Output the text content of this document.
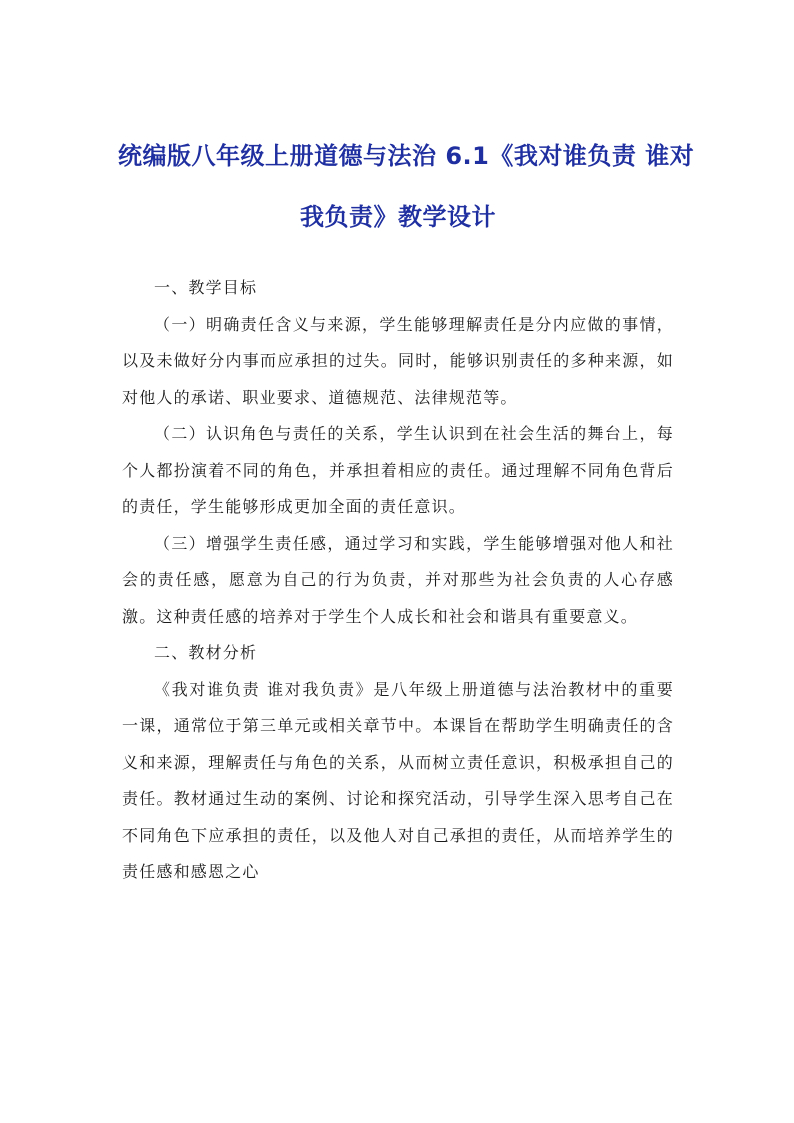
统编版八年级上册道德与法治 6.1《我对谁负责 谁对
我负责》教学设计

一、教学目标

（一）明确责任含义与来源，学生能够理解责任是分内应做的事情，以及未做好分内事而应承担的过失。同时，能够识别责任的多种来源，如对他人的承诺、职业要求、道德规范、法律规范等。

（二）认识角色与责任的关系，学生认识到在社会生活的舞台上，每个人都扮演着不同的角色，并承担着相应的责任。通过理解不同角色背后的责任，学生能够形成更加全面的责任意识。

（三）增强学生责任感，通过学习和实践，学生能够增强对他人和社会的责任感，愿意为自己的行为负责，并对那些为社会负责的人心存感激。这种责任感的培养对于学生个人成长和社会和谐具有重要意义。

二、教材分析

《我对谁负责 谁对我负责》是八年级上册道德与法治教材中的重要一课，通常位于第三单元或相关章节中。本课旨在帮助学生明确责任的含义和来源，理解责任与角色的关系，从而树立责任意识，积极承担自己的责任。教材通过生动的案例、讨论和探究活动，引导学生深入思考自己在不同角色下应承担的责任，以及他人对自己承担的责任，从而培养学生的责任感和感恩之心
